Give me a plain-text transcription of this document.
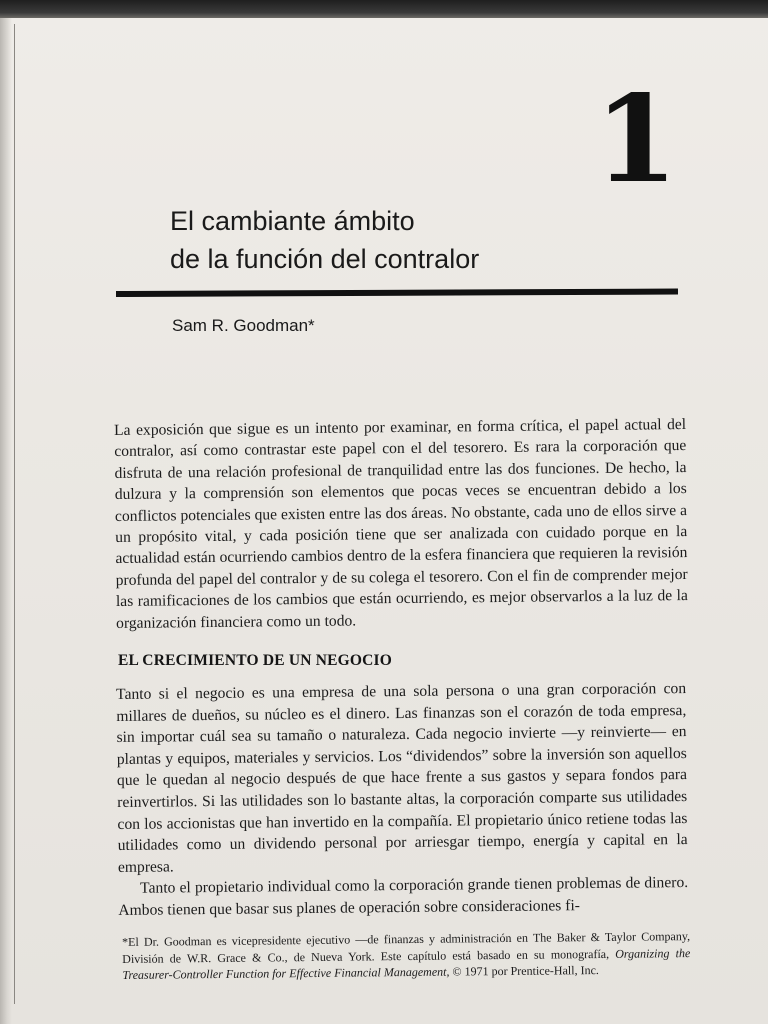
1
El cambiante ámbito
de la función del contralor
Sam R. Goodman*

La exposición que sigue es un intento por examinar, en forma crítica, el papel actual del contralor, así como contrastar este papel con el del tesorero. Es rara la corporación que disfruta de una relación profesional de tranquilidad entre las dos funciones. De hecho, la dulzura y la comprensión son elementos que pocas veces se encuentran debido a los conflictos potenciales que existen entre las dos áreas. No obstante, cada uno de ellos sirve a un propósito vital, y cada posición tiene que ser analizada con cuidado porque en la actualidad están ocurriendo cambios dentro de la esfera financiera que requieren la revisión profunda del papel del contralor y de su colega el tesorero. Con el fin de comprender mejor las ramificaciones de los cambios que están ocurriendo, es mejor observarlos a la luz de la organización financiera como un todo.

EL CRECIMIENTO DE UN NEGOCIO

Tanto si el negocio es una empresa de una sola persona o una gran corporación con millares de dueños, su núcleo es el dinero. Las finanzas son el corazón de toda empresa, sin importar cuál sea su tamaño o naturaleza. Cada negocio invierte —y reinvierte— en plantas y equipos, materiales y servicios. Los “dividendos” sobre la inversión son aquellos que le quedan al negocio después de que hace frente a sus gastos y separa fondos para reinvertirlos. Si las utilidades son lo bastante altas, la corporación comparte sus utilidades con los accionistas que han invertido en la compañía. El propietario único retiene todas las utilidades como un dividendo personal por arriesgar tiempo, energía y capital en la empresa.

Tanto el propietario individual como la corporación grande tienen problemas de dinero. Ambos tienen que basar sus planes de operación sobre consideraciones fi-

*El Dr. Goodman es vicepresidente ejecutivo —de finanzas y administración en The Baker & Taylor Company, División de W.R. Grace & Co., de Nueva York. Este capítulo está basado en su monografía, Organizing the Treasurer-Controller Function for Effective Financial Management, © 1971 por Prentice-Hall, Inc.
